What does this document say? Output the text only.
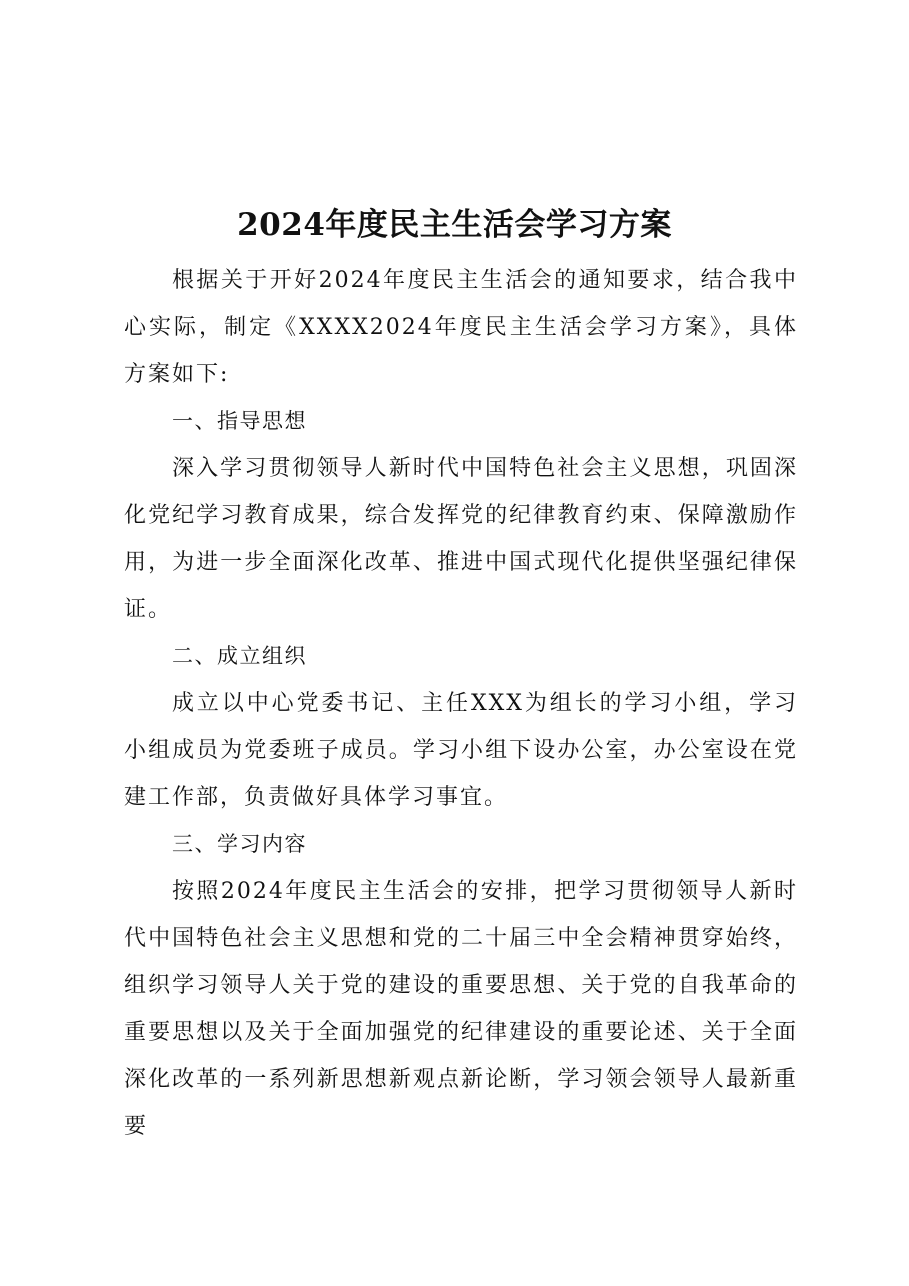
2024年度民主生活会学习方案

根据关于开好2024年度民主生活会的通知要求，结合我中心实际，制定《XXXX2024年度民主生活会学习方案》，具体方案如下:

一、指导思想

深入学习贯彻领导人新时代中国特色社会主义思想，巩固深化党纪学习教育成果，综合发挥党的纪律教育约束、保障激励作用，为进一步全面深化改革、推进中国式现代化提供坚强纪律保证。

二、成立组织

成立以中心党委书记、主任XXX为组长的学习小组，学习小组成员为党委班子成员。学习小组下设办公室，办公室设在党建工作部，负责做好具体学习事宜。

三、学习内容

按照2024年度民主生活会的安排，把学习贯彻领导人新时代中国特色社会主义思想和党的二十届三中全会精神贯穿始终，组织学习领导人关于党的建设的重要思想、关于党的自我革命的重要思想以及关于全面加强党的纪律建设的重要论述、关于全面深化改革的一系列新思想新观点新论断，学习领会领导人最新重要
